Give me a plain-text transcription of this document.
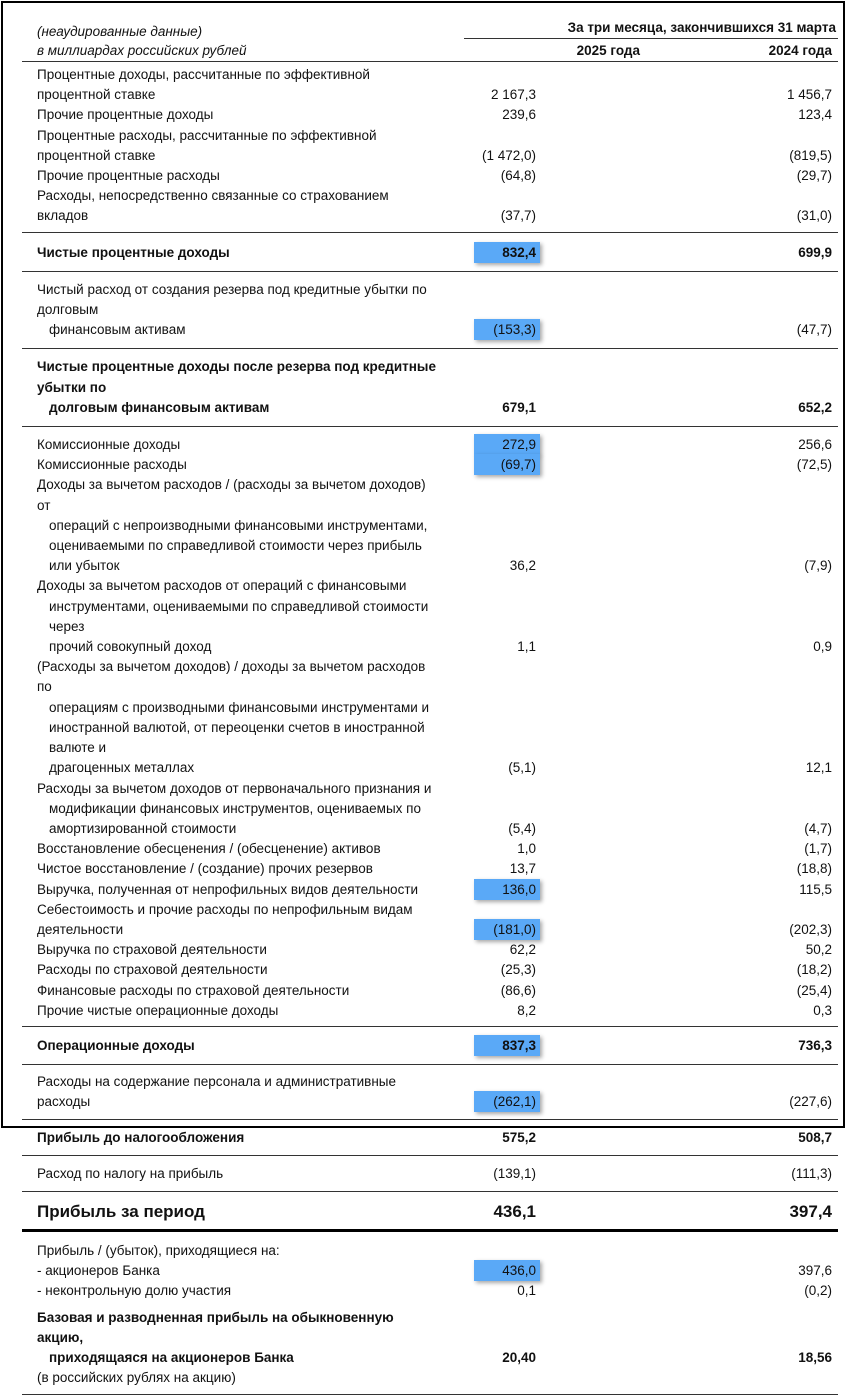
(неаудированные данные)
в миллиардах российских рублей
За три месяца, закончившихся 31 марта
2025 года	2024 года
Процентные доходы, рассчитанные по эффективной процентной ставке	2 167,3	1 456,7
Прочие процентные доходы	239,6	123,4
Процентные расходы, рассчитанные по эффективной процентной ставке	(1 472,0)	(819,5)
Прочие процентные расходы	(64,8)	(29,7)
Расходы, непосредственно связанные со страхованием вкладов	(37,7)	(31,0)
Чистые процентные доходы	832,4	699,9
Чистый расход от создания резерва под кредитные убытки по долговым
финансовым активам	(153,3)	(47,7)
Чистые процентные доходы после резерва под кредитные убытки по
долговым финансовым активам	679,1	652,2
Комиссионные доходы	272,9	256,6
Комиссионные расходы	(69,7)	(72,5)
Доходы за вычетом расходов / (расходы за вычетом доходов) от
операций с непроизводными финансовыми инструментами,
оцениваемыми по справедливой стоимости через прибыль или убыток	36,2	(7,9)
Доходы за вычетом расходов от операций с финансовыми
инструментами, оцениваемыми по справедливой стоимости через
прочий совокупный доход	1,1	0,9
(Расходы за вычетом доходов) / доходы за вычетом расходов по
операциям с производными финансовыми инструментами и
иностранной валютой, от переоценки счетов в иностранной валюте и
драгоценных металлах	(5,1)	12,1
Расходы за вычетом доходов от первоначального признания и
модификации финансовых инструментов, оцениваемых по
амортизированной стоимости	(5,4)	(4,7)
Восстановление обесценения / (обесценение) активов	1,0	(1,7)
Чистое восстановление / (создание) прочих резервов	13,7	(18,8)
Выручка, полученная от непрофильных видов деятельности	136,0	115,5
Себестоимость и прочие расходы по непрофильным видам деятельности	(181,0)	(202,3)
Выручка по страховой деятельности	62,2	50,2
Расходы по страховой деятельности	(25,3)	(18,2)
Финансовые расходы по страховой деятельности	(86,6)	(25,4)
Прочие чистые операционные доходы	8,2	0,3
Операционные доходы	837,3	736,3
Расходы на содержание персонала и административные расходы	(262,1)	(227,6)
Прибыль до налогообложения	575,2	508,7
Расход по налогу на прибыль	(139,1)	(111,3)
Прибыль за период	436,1	397,4
Прибыль / (убыток), приходящиеся на:
- акционеров Банка	436,0	397,6
- неконтрольную долю участия	0,1	(0,2)
Базовая и разводненная прибыль на обыкновенную акцию,
приходящаяся на акционеров Банка	20,40	18,56
(в российских рублях на акцию)
